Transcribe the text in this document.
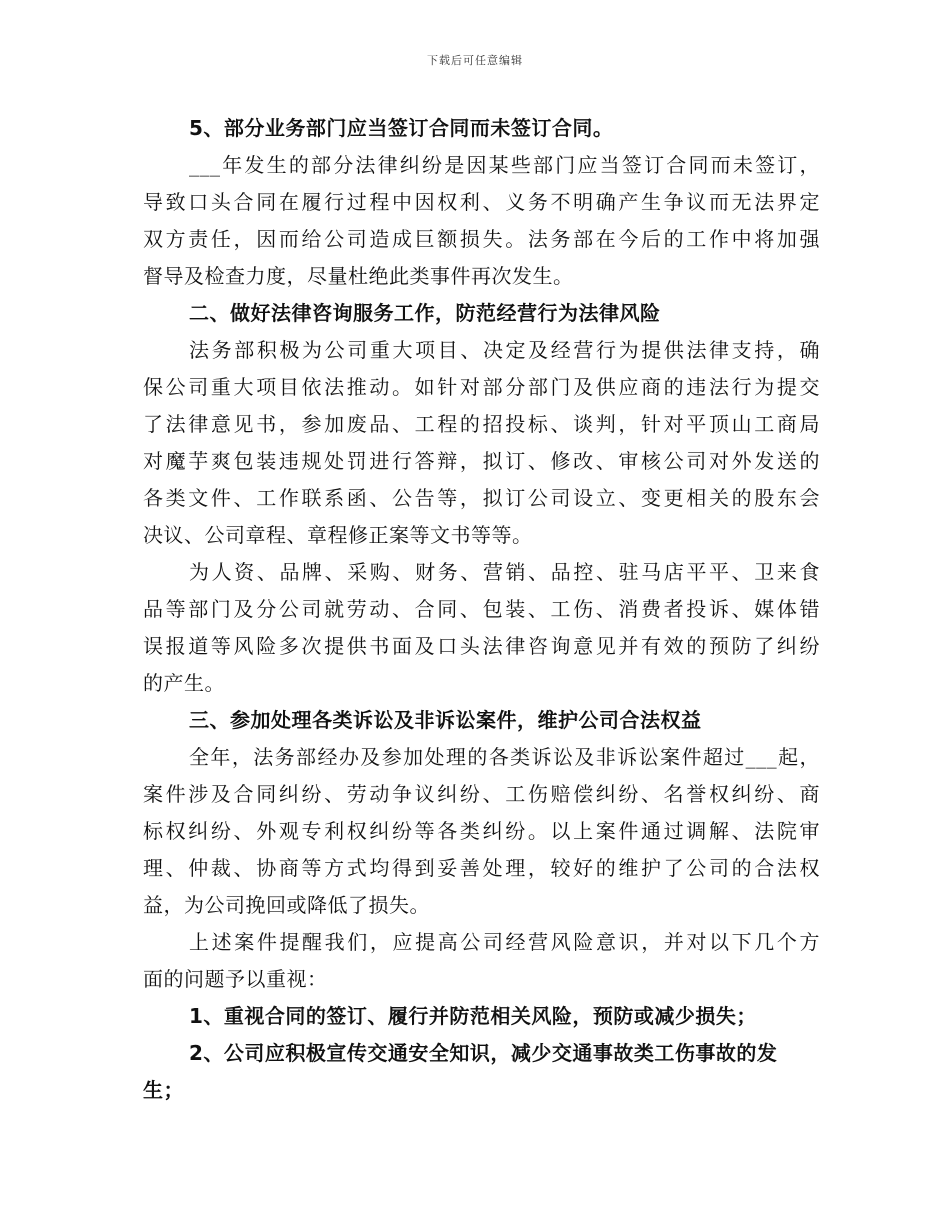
下载后可任意编辑
5、部分业务部门应当签订合同而未签订合同。
___年发生的部分法律纠纷是因某些部门应当签订合同而未签订，
导致口头合同在履行过程中因权利、义务不明确产生争议而无法界定
双方责任，因而给公司造成巨额损失。法务部在今后的工作中将加强
督导及检查力度，尽量杜绝此类事件再次发生。
二、做好法律咨询服务工作，防范经营行为法律风险
法务部积极为公司重大项目、决定及经营行为提供法律支持，确
保公司重大项目依法推动。如针对部分部门及供应商的违法行为提交
了法律意见书，参加废品、工程的招投标、谈判，针对平顶山工商局
对魔芋爽包装违规处罚进行答辩，拟订、修改、审核公司对外发送的
各类文件、工作联系函、公告等，拟订公司设立、变更相关的股东会
决议、公司章程、章程修正案等文书等等。
为人资、品牌、采购、财务、营销、品控、驻马店平平、卫来食
品等部门及分公司就劳动、合同、包装、工伤、消费者投诉、媒体错
误报道等风险多次提供书面及口头法律咨询意见并有效的预防了纠纷
的产生。
三、参加处理各类诉讼及非诉讼案件，维护公司合法权益
全年，法务部经办及参加处理的各类诉讼及非诉讼案件超过___起，
案件涉及合同纠纷、劳动争议纠纷、工伤赔偿纠纷、名誉权纠纷、商
标权纠纷、外观专利权纠纷等各类纠纷。以上案件通过调解、法院审
理、仲裁、协商等方式均得到妥善处理，较好的维护了公司的合法权
益，为公司挽回或降低了损失。
上述案件提醒我们，应提高公司经营风险意识，并对以下几个方
面的问题予以重视：
1、重视合同的签订、履行并防范相关风险，预防或减少损失；
2、公司应积极宣传交通安全知识，减少交通事故类工伤事故的发
生；
